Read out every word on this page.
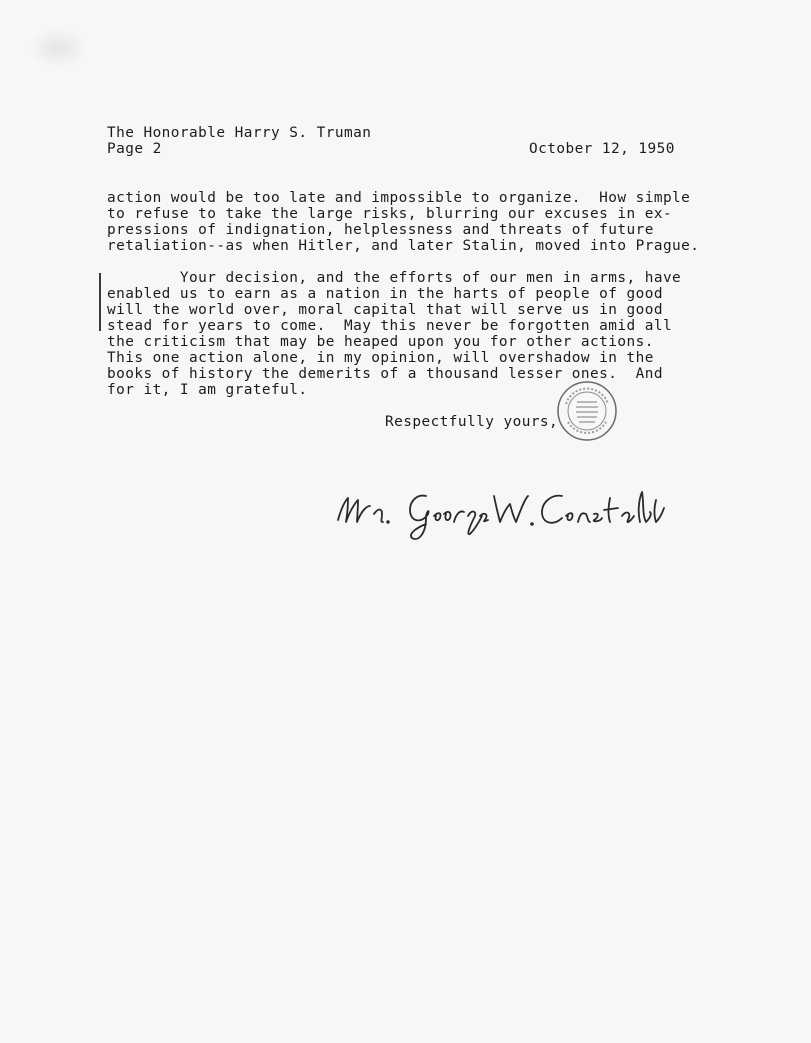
The Honorable Harry S. Truman
Page 2	October 12, 1950
action would be too late and impossible to organize.  How simple
to refuse to take the large risks, blurring our excuses in ex-
pressions of indignation, helplessness and threats of future
retaliation--as when Hitler, and later Stalin, moved into Prague.
Your decision, and the efforts of our men in arms, have
enabled us to earn as a nation in the harts of people of good
will the world over, moral capital that will serve us in good
stead for years to come.  May this never be forgotten amid all
the criticism that may be heaped upon you for other actions.
This one action alone, in my opinion, will overshadow in the
books of history the demerits of a thousand lesser ones.  And
for it, I am grateful.
Respectfully yours,
